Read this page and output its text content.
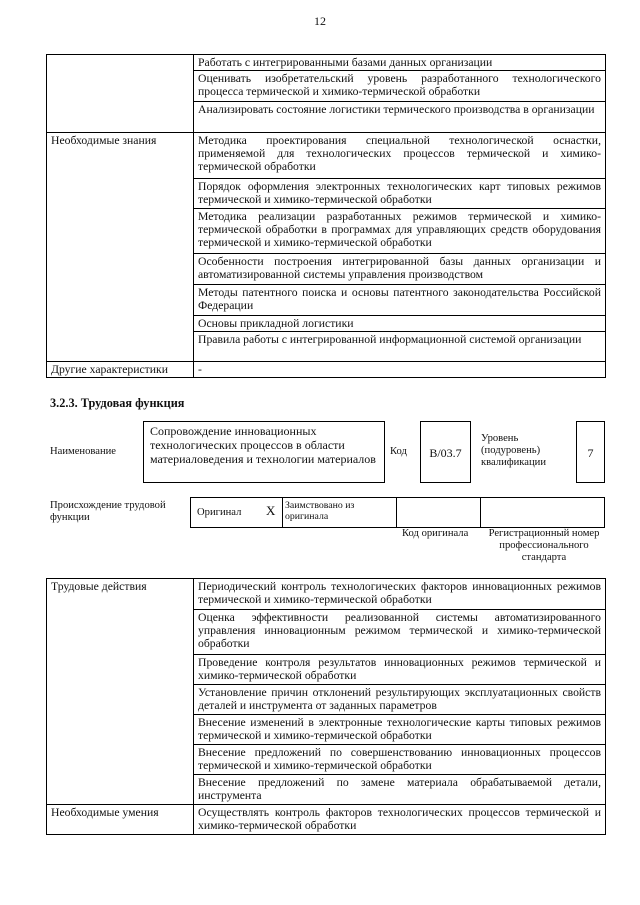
12
	Работать с интегрированными базами данных организации
	Оценивать изобретательский уровень разработанного технологического процесса термической и химико-термической обработки
	Анализировать состояние логистики термического производства в организации
Необходимые знания	Методика проектирования специальной технологической оснастки, применяемой для технологических процессов термической и химико-термической обработки
	Порядок оформления электронных технологических карт типовых режимов термической и химико-термической обработки
	Методика реализации разработанных режимов термической и химико-термической обработки в программах для управляющих средств оборудования термической и химико-термической обработки
	Особенности построения интегрированной базы данных организации и автоматизированной системы управления производством
	Методы патентного поиска и основы патентного законодательства Российской Федерации
	Основы прикладной логистики
	Правила работы с интегрированной информационной системой организации
Другие характеристики	-
3.2.3. Трудовая функция
Наименование
Сопровождение инновационных технологических процессов в области материаловедения и технологии материалов
Код	B/03.7
Уровень (подуровень) квалификации
7
Происхождение трудовой функции	Оригинал X Заимствовано из оригинала
Код оригинала	Регистрационный номер профессионального стандарта
Трудовые действия	Периодический контроль технологических факторов инновационных режимов термической и химико-термической обработки
	Оценка эффективности реализованной системы автоматизированного управления инновационным режимом термической и химико-термической обработки
	Проведение контроля результатов инновационных режимов термической и химико-термической обработки
	Установление причин отклонений результирующих эксплуатационных свойств деталей и инструмента от заданных параметров
	Внесение изменений в электронные технологические карты типовых режимов термической и химико-термической обработки
	Внесение предложений по совершенствованию инновационных процессов термической и химико-термической обработки
	Внесение предложений по замене материала обрабатываемой детали, инструмента
Необходимые умения	Осуществлять контроль факторов технологических процессов термической и химико-термической обработки
